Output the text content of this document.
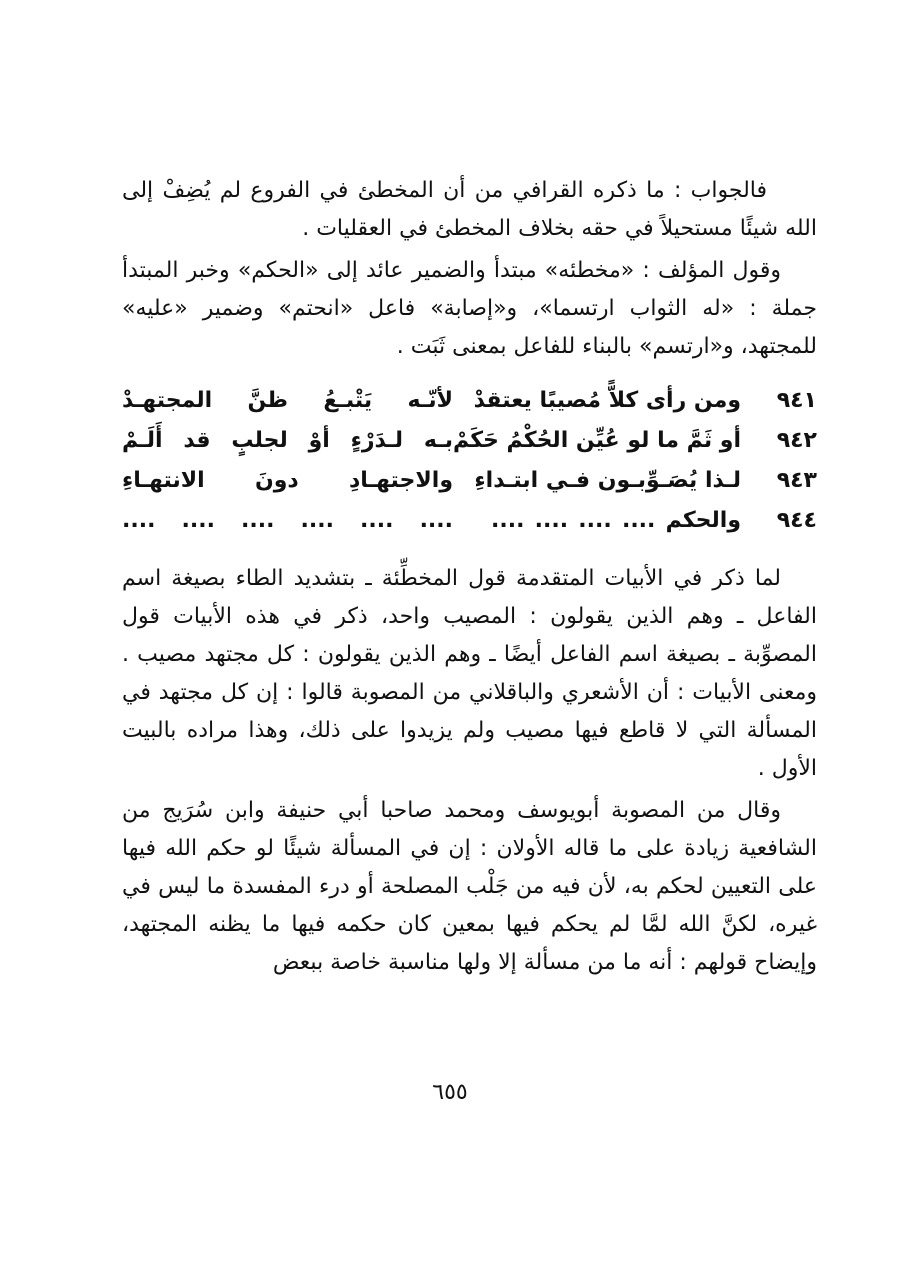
فالجواب : ما ذكره القرافي من أن المخطئ في الفروع لم يُضِفْ إلى الله شيئًا مستحيلاً في حقه بخلاف المخطئ في العقليات .

وقول المؤلف : «مخطئه» مبتدأ والضمير عائد إلى «الحكم» وخبر المبتدأ جملة : «له الثواب ارتسما»، و«إصابة» فاعل «انحتم» وضمير «عليه» للمجتهد، و«ارتسم» بالبناء للفاعل بمعنى ثَبَت .

٩٤١
ومن رأى كلاًّ مُصيبًا يعتقدْ
لأنّـه يَتْبـعُ ظنَّ المجتهـدْ
٩٤٢
أو ثَمَّ ما لو عُيِّن الحُكْمُ حَكَمْ
بـه لـدَرْءٍ أوْ لجلبٍ قد أَلَـمْ
٩٤٣
لـذا يُصَـوِّبـون فـي ابتـداءِ
والاجتهـادِ دونَ الانتهـاءِ
٩٤٤
والحكم .... .... .... ....
.... .... .... .... .... ....

لما ذكر في الأبيات المتقدمة قول المخطِّئة ـ بتشديد الطاء بصيغة اسم الفاعل ـ وهم الذين يقولون : المصيب واحد، ذكر في هذه الأبيات قول المصوِّبة ـ بصيغة اسم الفاعل أيضًا ـ وهم الذين يقولون : كل مجتهد مصيب . ومعنى الأبيات : أن الأشعري والباقلاني من المصوبة قالوا : إن كل مجتهد في المسألة التي لا قاطع فيها مصيب ولم يزيدوا على ذلك، وهذا مراده بالبيت الأول .

وقال من المصوبة أبويوسف ومحمد صاحبا أبي حنيفة وابن سُرَيج من الشافعية زيادة على ما قاله الأولان : إن في المسألة شيئًا لو حكم الله فيها على التعيين لحكم به، لأن فيه من جَلْب المصلحة أو درء المفسدة ما ليس في غيره، لكنَّ الله لمَّا لم يحكم فيها بمعين كان حكمه فيها ما يظنه المجتهد، وإيضاح قولهم : أنه ما من مسألة إلا ولها مناسبة خاصة ببعض

٦٥٥
